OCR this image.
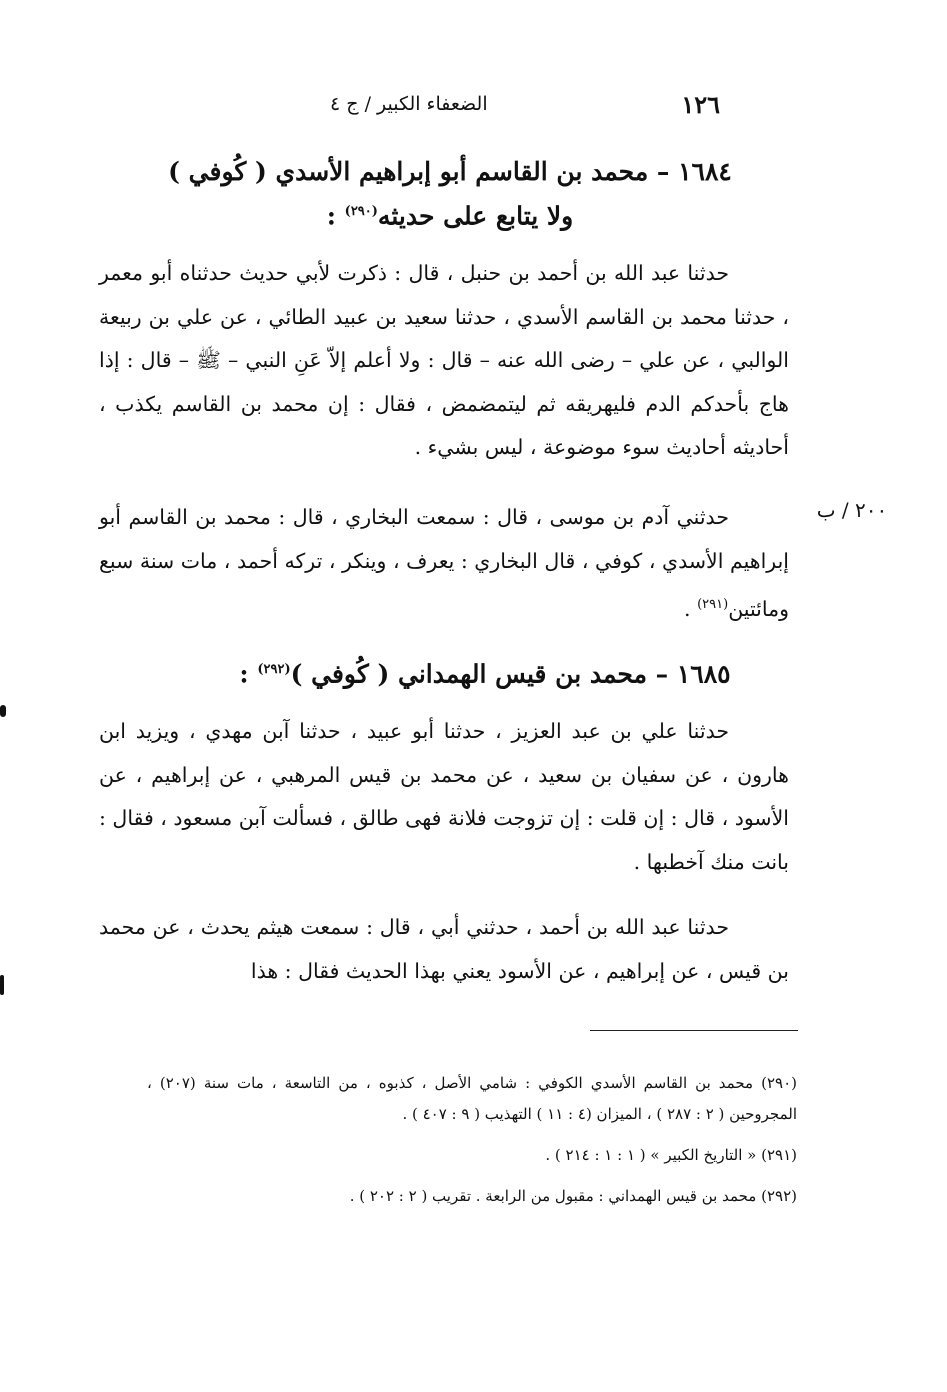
١٢٦
الضعفاء الكبير / ج ٤
١٦٨٤ – محمد بن القاسم أبو إبراهيم الأسدي ( كُوفي )
ولا يتابع على حديثه$^{(٢٩٠)}$ :
حدثنا عبد الله بن أحمد بن حنبل ، قال : ذكرت لأبي حديث حدثناه أبو معمر ، حدثنا محمد بن القاسم الأسدي ، حدثنا سعيد بن عبيد الطائي ، عن علي بن ربيعة الوالبي ، عن علي – رضى الله عنه – قال : ولا أعلم إلاّ عَنِ النبي – ﷺ – قال : إذا هاج بأحدكم الدم فليهريقه ثم ليتمضمض ، فقال : إن محمد بن القاسم يكذب ، أحاديثه أحاديث سوء موضوعة ، ليس بشيء .
٢٠٠ / ب
حدثني آدم بن موسى ، قال : سمعت البخاري ، قال : محمد بن القاسم أبو إبراهيم الأسدي ، كوفي ، قال البخاري : يعرف ، وينكر ، تركه أحمد ، مات سنة سبع ومائتين$^{(٢٩١)}$ .
١٦٨٥ – محمد بن قيس الهمداني ( كُوفي )$^{(٢٩٢)}$ :
حدثنا علي بن عبد العزيز ، حدثنا أبو عبيد ، حدثنا آبن مهدي ، ويزيد ابن هارون ، عن سفيان بن سعيد ، عن محمد بن قيس المرهبي ، عن إبراهيم ، عن الأسود ، قال : إن قلت : إن تزوجت فلانة فهى طالق ، فسألت آبن مسعود ، فقال : بانت منك آخطبها .
حدثنا عبد الله بن أحمد ، حدثني أبي ، قال : سمعت هيثم يحدث ، عن محمد بن قيس ، عن إبراهيم ، عن الأسود يعني بهذا الحديث فقال : هذا

(٢٩٠) محمد بن القاسم الأسدي الكوفي : شامي الأصل ، كذبوه ، من التاسعة ، مات سنة (٢٠٧) ، المجروحين ( ٢ : ٢٨٧ ) ، الميزان (٤ : ١١ ) التهذيب ( ٩ : ٤٠٧ ) .

(٢٩١) « التاريخ الكبير » ( ١ : ١ : ٢١٤ ) .

(٢٩٢) محمد بن قيس الهمداني : مقبول من الرابعة . تقريب ( ٢ : ٢٠٢ ) .
